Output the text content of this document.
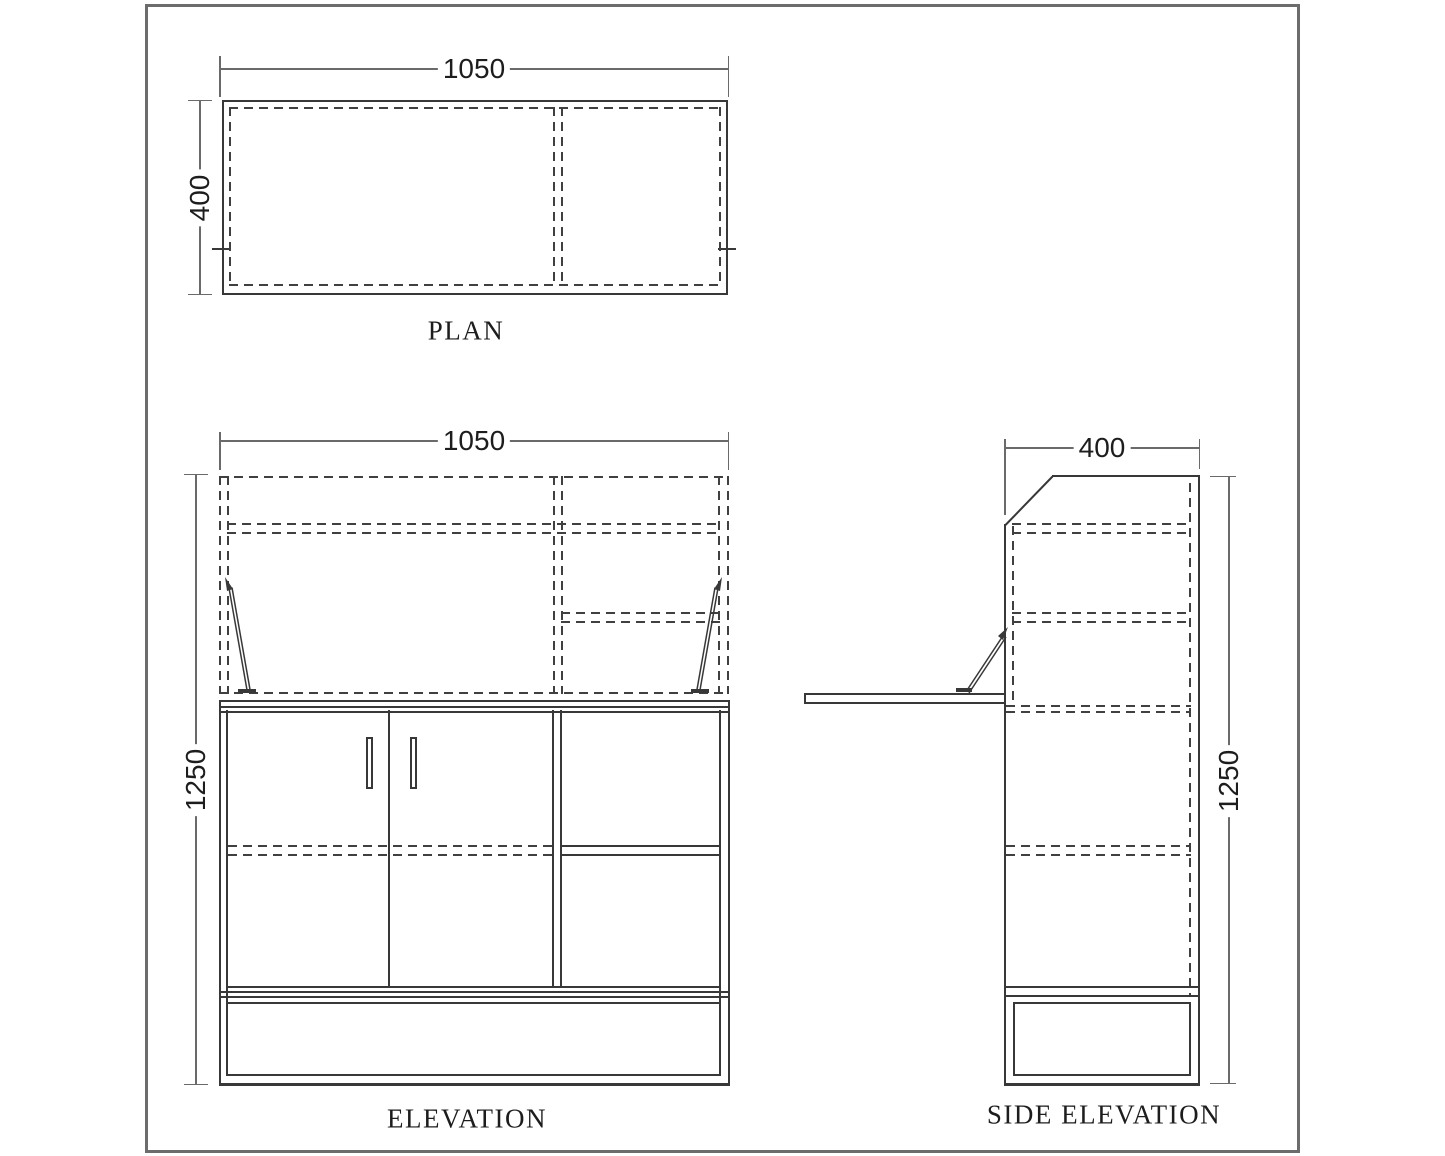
1050
400
PLAN
1050
1250
ELEVATION
400
1250
SIDE ELEVATION
